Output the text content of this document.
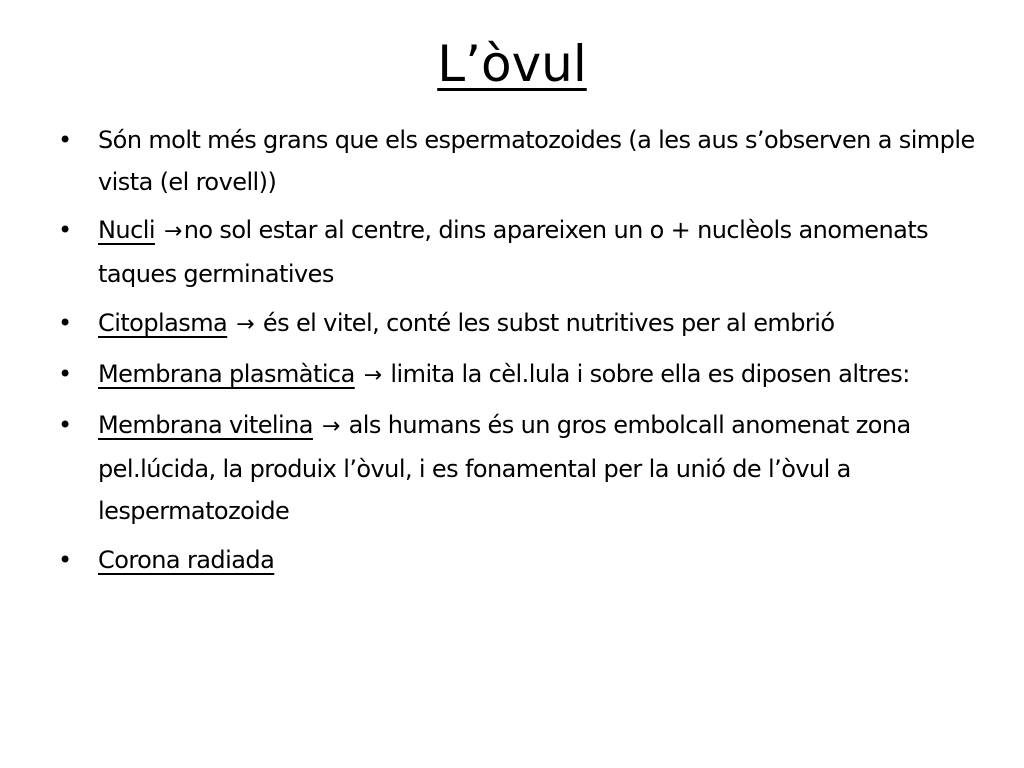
L’òvul
• Són molt més grans que els espermatozoides (a les aus s’observen a simple vista (el rovell))
• Nucli →no sol estar al centre, dins apareixen un o + nuclèols anomenats taques germinatives
• Citoplasma → és el vitel, conté les subst nutritives per al embrió
• Membrana plasmàtica → limita la cèl.lula i sobre ella es diposen altres:
• Membrana vitelina → als humans és un gros embolcall anomenat zona pel.lúcida, la produix l’òvul, i es fonamental per la unió de l’òvul a lespermatozoide
• Corona radiada
